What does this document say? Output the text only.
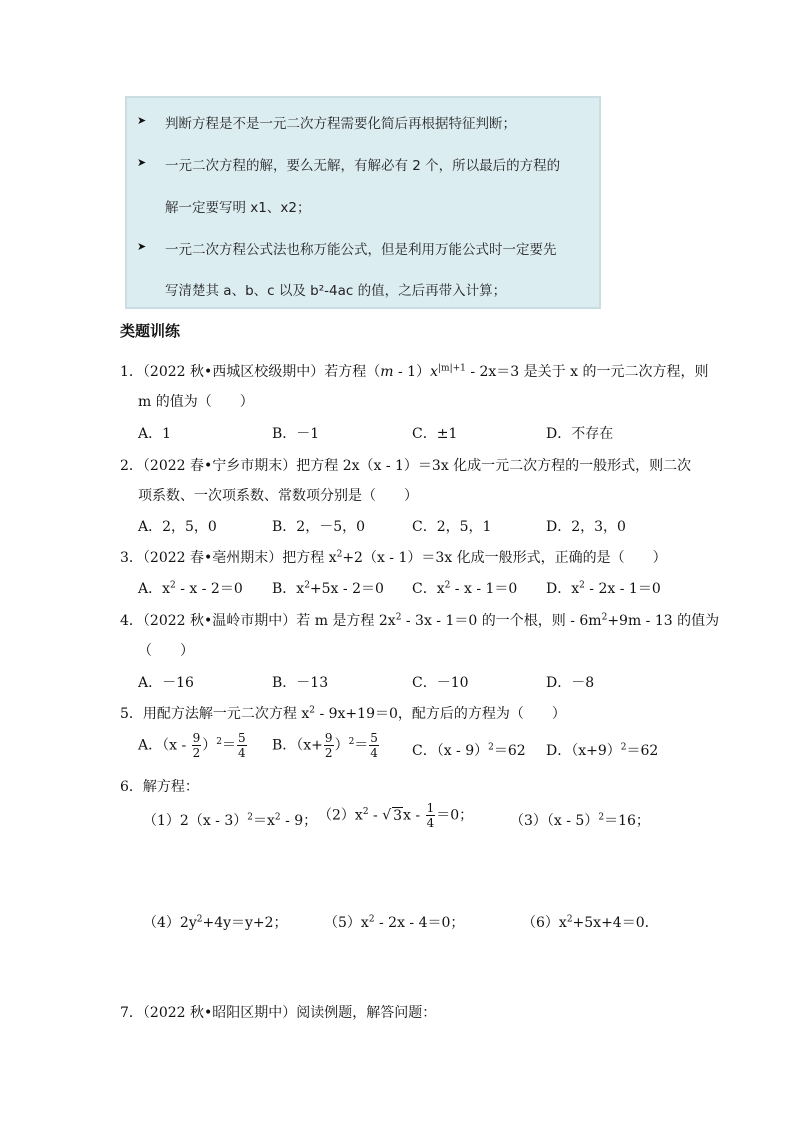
➤ 判断方程是不是一元二次方程需要化简后再根据特征判断；
➤ 一元二次方程的解，要么无解，有解必有 2 个，所以最后的方程的
解一定要写明 x1、x2；
➤ 一元二次方程公式法也称万能公式，但是利用万能公式时一定要先
写清楚其 a、b、c 以及 b²-4ac 的值，之后再带入计算；
类题训练
1．（2022 秋•西城区校级期中）若方程$(m - 1)x^{|m|+1} - 2x=3$ 是关于 x 的一元二次方程，则
m 的值为（　　）
A．1	B．－1	C．±1	D．不存在
2．（2022 春•宁乡市期末）把方程 2x（x - 1）＝3x 化成一元二次方程的一般形式，则二次
项系数、一次项系数、常数项分别是（　　）
A．2，5，0	B．2，－5，0	C．2，5，1	D．2，3，0
3．（2022 春•亳州期末）把方程 $x^2+2(x - 1)=3x$ 化成一般形式，正确的是（　　）
A．$x^2 - x - 2=0$ B．$x^2+5x - 2=0$ C．$x^2 - x - 1=0$ D．$x^2 - 2x - 1=0$
4．（2022 秋•温岭市期中）若 m 是方程 $2x^2 - 3x - 1=0$ 的一个根，则 - $6m^2+9m - 13$ 的值为
（　　）
A．－16	B．－13	C．－10	D．－8
5．用配方法解一元二次方程 $x^2 - 9x+19=0$，配方后的方程为（　　）
A．$(x - \frac{9}{2} )^2= \frac{5}{4}$ B．$(x+ \frac{9}{2} )^2= \frac{5}{4}$ C．（x - 9）$^2$＝62 D．$(x+9)^2=62$
6．解方程：
$(1)2(x - 3)^2=x^2 - 9$； $(2)x^2$ - √ $3x - \frac{1}{4} =0$；	（3）（x - 5）$^2$＝16；
$(4)2y^2+4y=y+2$；	$(5)x^2 - 2x - 4=0$；	$(6)x^2+5x+4=0$．
7．（2022 秋•昭阳区期中）阅读例题，解答问题：
